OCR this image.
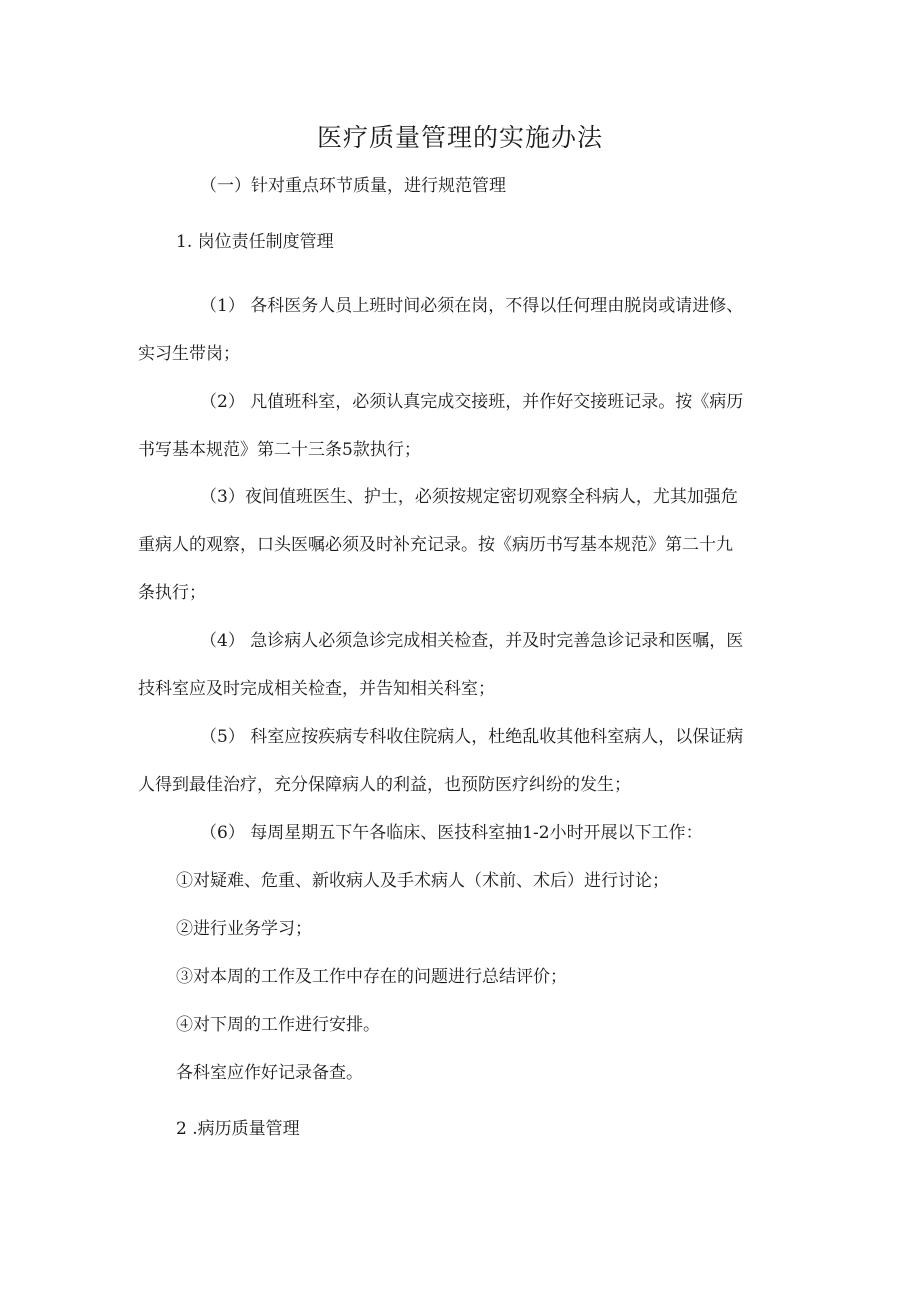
医疗质量管理的实施办法
（一）针对重点环节质量，进行规范管理
1. 岗位责任制度管理
（1） 各科医务人员上班时间必须在岗，不得以任何理由脱岗或请进修、
实习生带岗；
（2） 凡值班科室，必须认真完成交接班，并作好交接班记录。按《病历
书写基本规范》第二十三条5款执行；
（3）夜间值班医生、护士，必须按规定密切观察全科病人，尤其加强危
重病人的观察，口头医嘱必须及时补充记录。按《病历书写基本规范》第二十九
条执行；
（4） 急诊病人必须急诊完成相关检查，并及时完善急诊记录和医嘱，医
技科室应及时完成相关检查，并告知相关科室；
（5） 科室应按疾病专科收住院病人，杜绝乱收其他科室病人，以保证病
人得到最佳治疗，充分保障病人的利益，也预防医疗纠纷的发生；
（6） 每周星期五下午各临床、医技科室抽1-2小时开展以下工作：
①对疑难、危重、新收病人及手术病人（术前、术后）进行讨论；
②进行业务学习；
③对本周的工作及工作中存在的问题进行总结评价；
④对下周的工作进行安排。
各科室应作好记录备查。
2 .病历质量管理
